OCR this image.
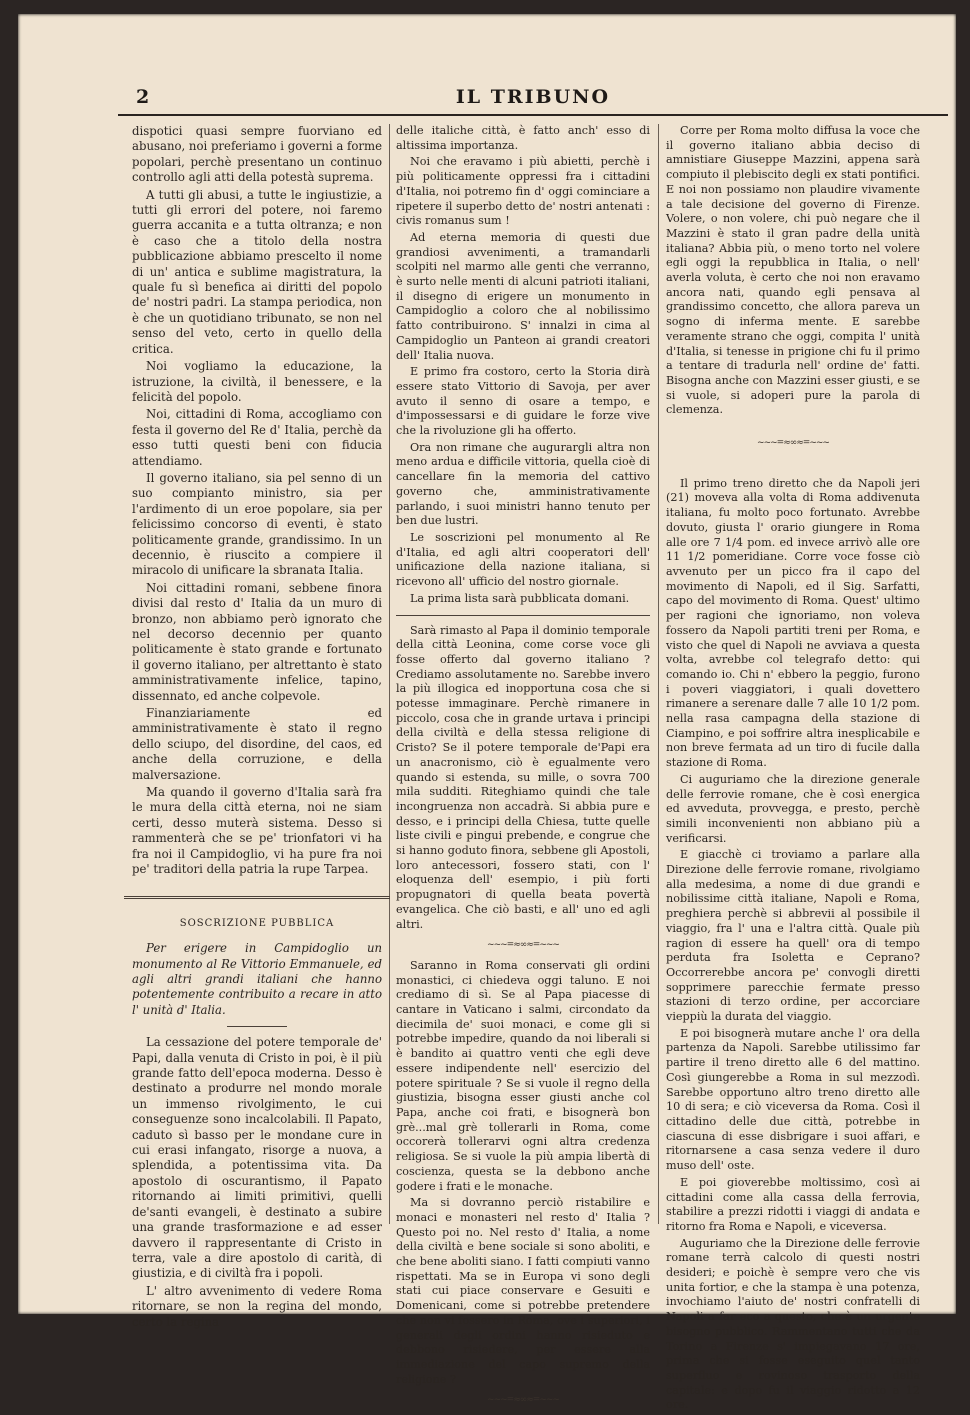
2	IL TRIBUNO

dispotici quasi sempre fuorviano ed abusano, noi preferiamo i governi a forme popolari, perchè presentano un continuo controllo agli atti della potestà suprema.

A tutti gli abusi, a tutte le ingiustizie, a tutti gli errori del potere, noi faremo guerra accanita e a tutta oltranza; e non è caso che a titolo della nostra pubblicazione abbiamo prescelto il nome di un' antica e sublime magistratura, la quale fu sì benefica ai diritti del popolo de' nostri padri. La stampa periodica, non è che un quotidiano tribunato, se non nel senso del veto, certo in quello della critica.

Noi vogliamo la educazione, la istruzione, la civiltà, il benessere, e la felicità del popolo.

Noi, cittadini di Roma, accogliamo con festa il governo del Re d' Italia, perchè da esso tutti questi beni con fiducia attendiamo.

Il governo italiano, sia pel senno di un suo compianto ministro, sia per l'ardimento di un eroe popolare, sia per felicissimo concorso di eventi, è stato politicamente grande, grandissimo. In un decennio, è riuscito a compiere il miracolo di unificare la sbranata Italia.

Noi cittadini romani, sebbene finora divisi dal resto d' Italia da un muro di bronzo, non abbiamo però ignorato che nel decorso decennio per quanto politicamente è stato grande e fortunato il governo italiano, per altrettanto è stato amministrativamente infelice, tapino, dissennato, ed anche colpevole.

Finanziariamente ed amministrativamente è stato il regno dello sciupo, del disordine, del caos, ed anche della corruzione, e della malversazione.

Ma quando il governo d'Italia sarà fra le mura della città eterna, noi ne siam certi, desso muterà sistema. Desso si rammenterà che se pe' trionfatori vi ha fra noi il Campidoglio, vi ha pure fra noi pe' traditori della patria la rupe Tarpea.

SOSCRIZIONE PUBBLICA

Per erigere in Campidoglio un monumento al Re Vittorio Emmanuele, ed agli altri grandi italiani che hanno potentemente contribuito a recare in atto l' unità d' Italia.

La cessazione del potere temporale de' Papi, dalla venuta di Cristo in poi, è il più grande fatto dell'epoca moderna. Desso è destinato a produrre nel mondo morale un immenso rivolgimento, le cui conseguenze sono incalcolabili. Il Papato, caduto sì basso per le mondane cure in cui erasi infangato, risorge a nuova, a splendida, a potentissima vita. Da apostolo di oscurantismo, il Papato ritornando ai limiti primitivi, quelli de'santi evangeli, è destinato a subire una grande trasformazione e ad esser davvero il rappresentante di Cristo in terra, vale a dire apostolo di carità, di giustizia, e di civiltà fra i popoli.

L' altro avvenimento di vedere Roma ritornare, se non la regina del mondo, certo la regina

delle italiche città, è fatto anch' esso di altissima importanza.

Noi che eravamo i più abietti, perchè i più politicamente oppressi fra i cittadini d'Italia, noi potremo fin d' oggi cominciare a ripetere il superbo detto de' nostri antenati : civis romanus sum !

Ad eterna memoria di questi due grandiosi avvenimenti, a tramandarli scolpiti nel marmo alle genti che verranno, è surto nelle menti di alcuni patrioti italiani, il disegno di erigere un monumento in Campidoglio a coloro che al nobilissimo fatto contribuirono. S' innalzi in cima al Campidoglio un Panteon ai grandi creatori dell' Italia nuova.

E primo fra costoro, certo la Storia dirà essere stato Vittorio di Savoja, per aver avuto il senno di osare a tempo, e d'impossessarsi e di guidare le forze vive che la rivoluzione gli ha offerto.

Ora non rimane che augurargli altra non meno ardua e difficile vittoria, quella cioè di cancellare fin la memoria del cattivo governo che, amministrativamente parlando, i suoi ministri hanno tenuto per ben due lustri.

Le soscrizioni pel monumento al Re d'Italia, ed agli altri cooperatori dell' unificazione della nazione italiana, si ricevono all' ufficio del nostro giornale.

La prima lista sarà pubblicata domani.

Sarà rimasto al Papa il dominio temporale della città Leonina, come corse voce gli fosse offerto dal governo italiano ? Crediamo assolutamente no. Sarebbe invero la più illogica ed inopportuna cosa che si potesse immaginare. Perchè rimanere in piccolo, cosa che in grande urtava i principi della civiltà e della stessa religione di Cristo? Se il potere temporale de'Papi era un anacronismo, ciò è egualmente vero quando si estenda, su mille, o sovra 700 mila sudditi. Riteghiamo quindi che tale incongruenza non accadrà. Si abbia pure e desso, e i principi della Chiesa, tutte quelle liste civili e pingui prebende, e congrue che si hanno goduto finora, sebbene gli Apostoli, loro antecessori, fossero stati, con l' eloquenza dell' esempio, i più forti propugnatori di quella beata povertà evangelica. Che ciò basti, e all' uno ed agli altri.

~~~=≈∞≈=~~~

Saranno in Roma conservati gli ordini monastici, ci chiedeva oggi taluno. E noi crediamo di sì. Se al Papa piacesse di cantare in Vaticano i salmi, circondato da diecimila de' suoi monaci, e come gli si potrebbe impedire, quando da noi liberali si è bandito ai quattro venti che egli deve essere indipendente nell' esercizio del potere spirituale ? Se si vuole il regno della giustizia, bisogna esser giusti anche col Papa, anche coi frati, e bisognerà bon grè...mal grè tollerarli in Roma, come occorerà tollerarvi ogni altra credenza religiosa. Se si vuole la più ampia libertà di coscienza, questa se la debbono anche godere i frati e le monache.

Ma si dovranno perciò ristabilire e monaci e monasteri nel resto d' Italia ? Questo poi no. Nel resto d' Italia, a nome della civiltà e bene sociale si sono aboliti, e che bene aboliti siano. I fatti compiuti vanno rispettati. Ma se in Europa vi sono degli stati cui piace conservare e Gesuiti e Domenicani, come si potrebbe pretendere che non vi fossero in Roma, ove i superiori, i generali degli ordini hanno risieduto e debbono risiedere, per essere alla immediazione del capo supremo della religione ?

~~~=≈∞≈=~~~

Corre per Roma molto diffusa la voce che il governo italiano abbia deciso di amnistiare Giuseppe Mazzini, appena sarà compiuto il plebiscito degli ex stati pontifici. E noi non possiamo non plaudire vivamente a tale decisione del governo di Firenze. Volere, o non volere, chi può negare che il Mazzini è stato il gran padre della unità italiana? Abbia più, o meno torto nel volere egli oggi la repubblica in Italia, o nell' averla voluta, è certo che noi non eravamo ancora nati, quando egli pensava al grandissimo concetto, che allora pareva un sogno di inferma mente. E sarebbe veramente strano che oggi, compita l' unità d'Italia, si tenesse in prigione chi fu il primo a tentare di tradurla nell' ordine de' fatti. Bisogna anche con Mazzini esser giusti, e se si vuole, si adoperi pure la parola di clemenza.

~~~=≈∞≈=~~~

Il primo treno diretto che da Napoli jeri (21) moveva alla volta di Roma addivenuta italiana, fu molto poco fortunato. Avrebbe dovuto, giusta l' orario giungere in Roma alle ore 7 1/4 pom. ed invece arrivò alle ore 11 1/2 pomeridiane. Corre voce fosse ciò avvenuto per un picco fra il capo del movimento di Napoli, ed il Sig. Sarfatti, capo del movimento di Roma. Quest' ultimo per ragioni che ignoriamo, non voleva fossero da Napoli partiti treni per Roma, e visto che quel di Napoli ne avviava a questa volta, avrebbe col telegrafo detto: qui comando io. Chi n' ebbero la peggio, furono i poveri viaggiatori, i quali dovettero rimanere a serenare dalle 7 alle 10 1/2 pom. nella rasa campagna della stazione di Ciampino, e poi soffrire altra inesplicabile e non breve fermata ad un tiro di fucile dalla stazione di Roma.

Ci auguriamo che la direzione generale delle ferrovie romane, che è così energica ed avveduta, provvegga, e presto, perchè simili inconvenienti non abbiano più a verificarsi.

E giacchè ci troviamo a parlare alla Direzione delle ferrovie romane, rivolgiamo alla medesima, a nome di due grandi e nobilissime città italiane, Napoli e Roma, preghiera perchè si abbrevii al possibile il viaggio, fra l' una e l'altra città. Quale più ragion di essere ha quell' ora di tempo perduta fra Isoletta e Ceprano? Occorrerebbe ancora pe' convogli diretti sopprimere parecchie fermate presso stazioni di terzo ordine, per accorciare vieppiù la durata del viaggio.

E poi bisognerà mutare anche l' ora della partenza da Napoli. Sarebbe utilissimo far partire il treno diretto alle 6 del mattino. Così giungerebbe a Roma in sul mezzodì. Sarebbe opportuno altro treno diretto alle 10 di sera; e ciò viceversa da Roma. Così il cittadino delle due città, potrebbe in ciascuna di esse disbrigare i suoi affari, e ritornarsene a casa senza vedere il duro muso dell' oste.

E poi gioverebbe moltissimo, così ai cittadini come alla cassa della ferrovia, stabilire a prezzi ridotti i viaggi di andata e ritorno fra Roma e Napoli, e viceversa.

Auguriamo che la Direzione delle ferrovie romane terrà calcolo di questi nostri desideri; e poichè è sempre vero che vis unita fortior, e che la stampa è una potenza, invochiamo l'aiuto de' nostri confratelli di Napoli a far eco a questo, che è un urgente bisogno pubblico. Rammentano tutti che da Torino a Firenze s' impiegavano 17 ore, prima che si fosse eseguito quel tanto superfluo e rovinoso trasporto della capitale: e dopo fu il viaggio ridotto a 12 ore.
